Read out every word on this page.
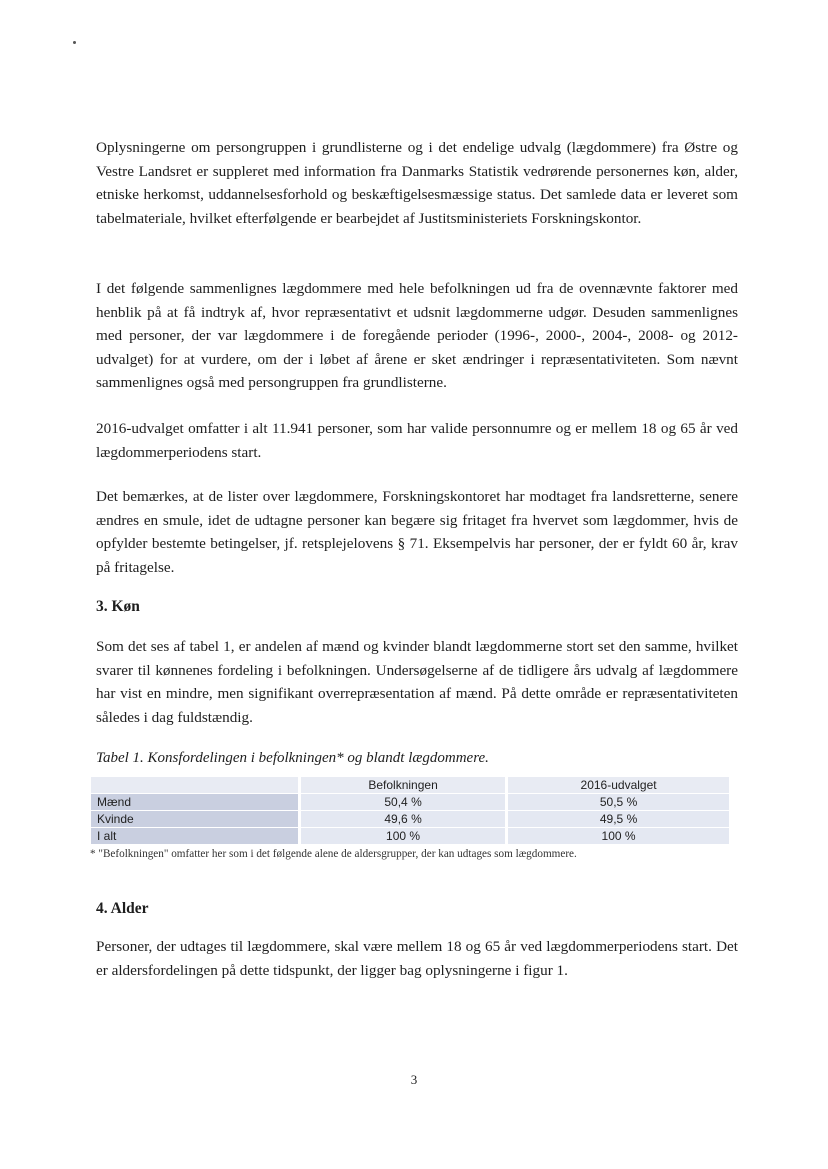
Oplysningerne om persongruppen i grundlisterne og i det endelige udvalg (lægdommere) fra Østre og Vestre Landsret er suppleret med information fra Danmarks Statistik vedrørende personernes køn, alder, etniske herkomst, uddannelsesforhold og beskæftigelsesmæssige status. Det samlede data er leveret som tabelmateriale, hvilket efterfølgende er bearbejdet af Justitsministeriets Forskningskontor.

I det følgende sammenlignes lægdommere med hele befolkningen ud fra de ovennævnte faktorer med henblik på at få indtryk af, hvor repræsentativt et udsnit lægdommerne udgør. Desuden sammenlignes med personer, der var lægdommere i de foregående perioder (1996-, 2000-, 2004-, 2008- og 2012-udvalget) for at vurdere, om der i løbet af årene er sket ændringer i repræsentativiteten. Som nævnt sammenlignes også med persongruppen fra grundlisterne.

2016-udvalget omfatter i alt 11.941 personer, som har valide personnumre og er mellem 18 og 65 år ved lægdommerperiodens start.

Det bemærkes, at de lister over lægdommere, Forskningskontoret har modtaget fra landsretterne, senere ændres en smule, idet de udtagne personer kan begære sig fritaget fra hvervet som lægdommer, hvis de opfylder bestemte betingelser, jf. retsplejelovens § 71. Eksempelvis har personer, der er fyldt 60 år, krav på fritagelse.

3. Køn

Som det ses af tabel 1, er andelen af mænd og kvinder blandt lægdommerne stort set den samme, hvilket svarer til kønnenes fordeling i befolkningen. Undersøgelserne af de tidligere års udvalg af lægdommere har vist en mindre, men signifikant overrepræsentation af mænd. På dette område er repræsentativiteten således i dag fuldstændig.

Tabel 1. Konsfordelingen i befolkningen* og blandt lægdommere.

	Befolkningen	2016-udvalget
Mænd	50,4 %	50,5 %
Kvinde	49,6 %	49,5 %
I alt	100 %	100 %

* "Befolkningen" omfatter her som i det følgende alene de aldersgrupper, der kan udtages som lægdommere.

4. Alder

Personer, der udtages til lægdommere, skal være mellem 18 og 65 år ved lægdommerperiodens start. Det er aldersfordelingen på dette tidspunkt, der ligger bag oplysningerne i figur 1.

3
